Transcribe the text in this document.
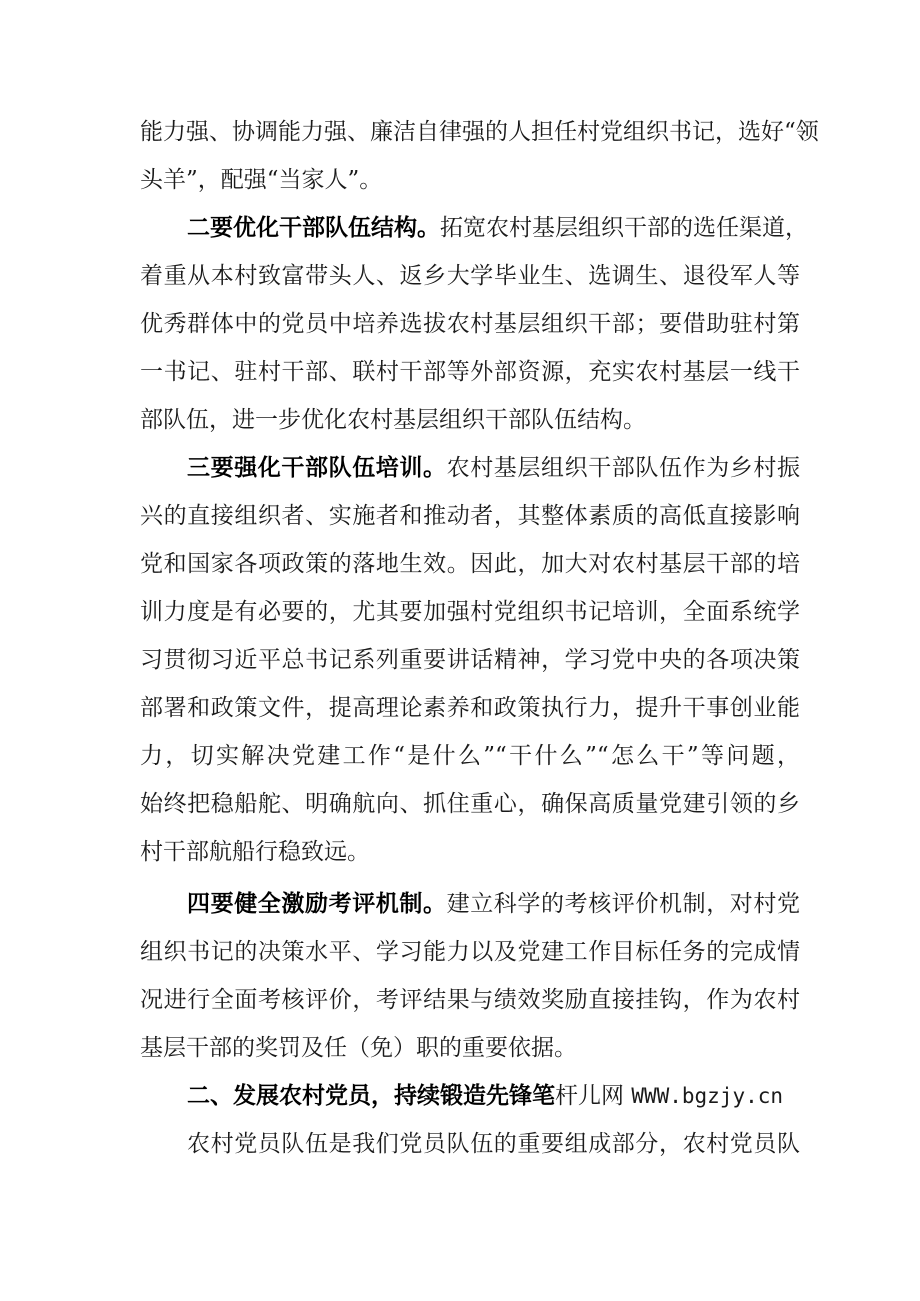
能力强、协调能力强、廉洁自律强的人担任村党组织书记，选好“领
头羊”，配强“当家人”。
二要优化干部队伍结构。拓宽农村基层组织干部的选任渠道，
着重从本村致富带头人、返乡大学毕业生、选调生、退役军人等
优秀群体中的党员中培养选拔农村基层组织干部；要借助驻村第
一书记、驻村干部、联村干部等外部资源，充实农村基层一线干
部队伍，进一步优化农村基层组织干部队伍结构。
三要强化干部队伍培训。农村基层组织干部队伍作为乡村振
兴的直接组织者、实施者和推动者，其整体素质的高低直接影响
党和国家各项政策的落地生效。因此，加大对农村基层干部的培
训力度是有必要的，尤其要加强村党组织书记培训，全面系统学
习贯彻习近平总书记系列重要讲话精神，学习党中央的各项决策
部署和政策文件，提高理论素养和政策执行力，提升干事创业能
力，切实解决党建工作“是什么”“干什么”“怎么干”等问题，
始终把稳船舵、明确航向、抓住重心，确保高质量党建引领的乡
村干部航船行稳致远。
四要健全激励考评机制。建立科学的考核评价机制，对村党
组织书记的决策水平、学习能力以及党建工作目标任务的完成情
况进行全面考核评价，考评结果与绩效奖励直接挂钩，作为农村
基层干部的奖罚及任（免）职的重要依据。
二、发展农村党员，持续锻造先锋笔杆儿网 WWW.bgzjy.cn
农村党员队伍是我们党员队伍的重要组成部分，农村党员队
